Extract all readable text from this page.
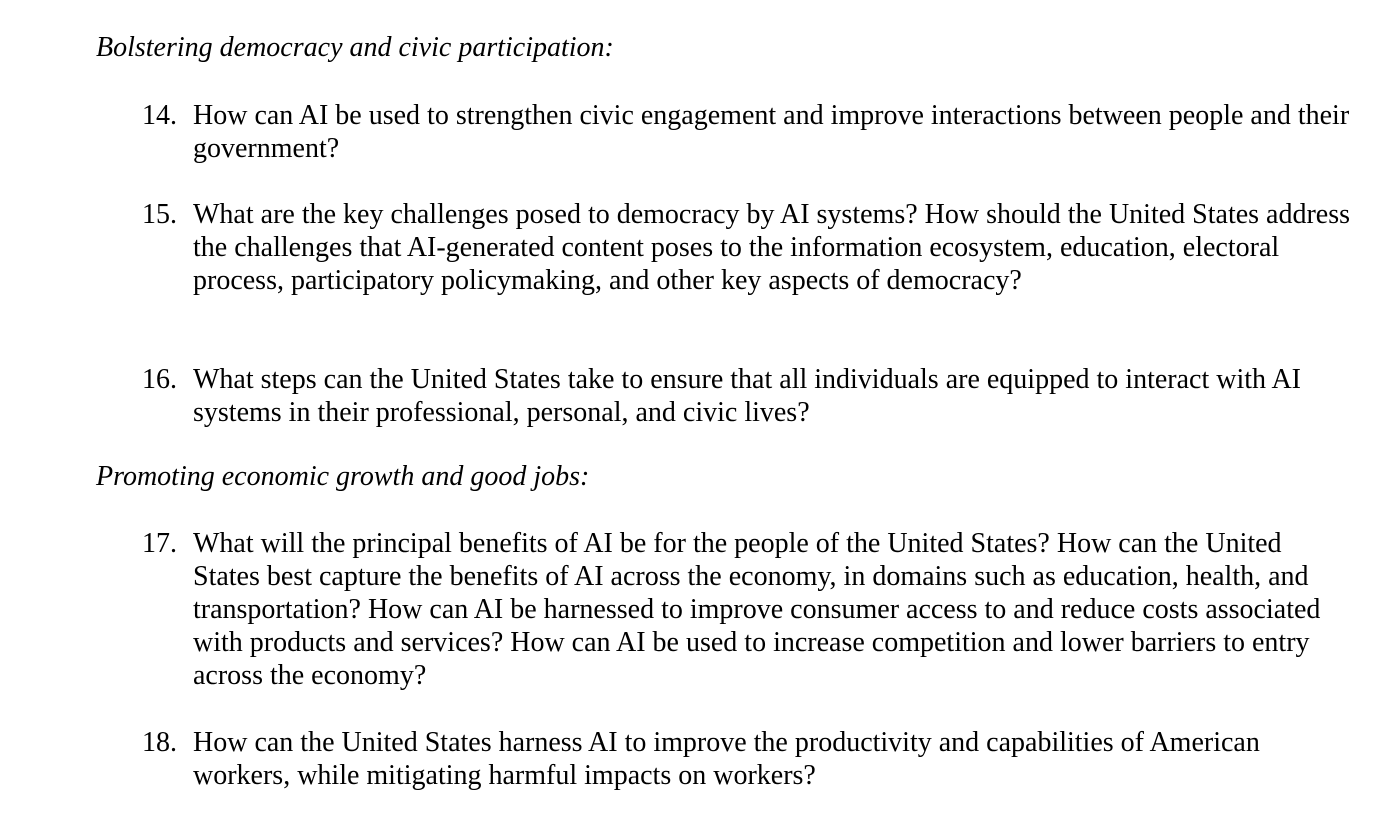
Bolstering democracy and civic participation:
14. How can AI be used to strengthen civic engagement and improve interactions between people and their government?
15. What are the key challenges posed to democracy by AI systems? How should the United States address the challenges that AI-generated content poses to the information ecosystem, education, electoral process, participatory policymaking, and other key aspects of democracy?
16. What steps can the United States take to ensure that all individuals are equipped to interact with AI systems in their professional, personal, and civic lives?
Promoting economic growth and good jobs:
17. What will the principal benefits of AI be for the people of the United States? How can the United States best capture the benefits of AI across the economy, in domains such as education, health, and transportation? How can AI be harnessed to improve consumer access to and reduce costs associated with products and services? How can AI be used to increase competition and lower barriers to entry across the economy?
18. How can the United States harness AI to improve the productivity and capabilities of American workers, while mitigating harmful impacts on workers?
